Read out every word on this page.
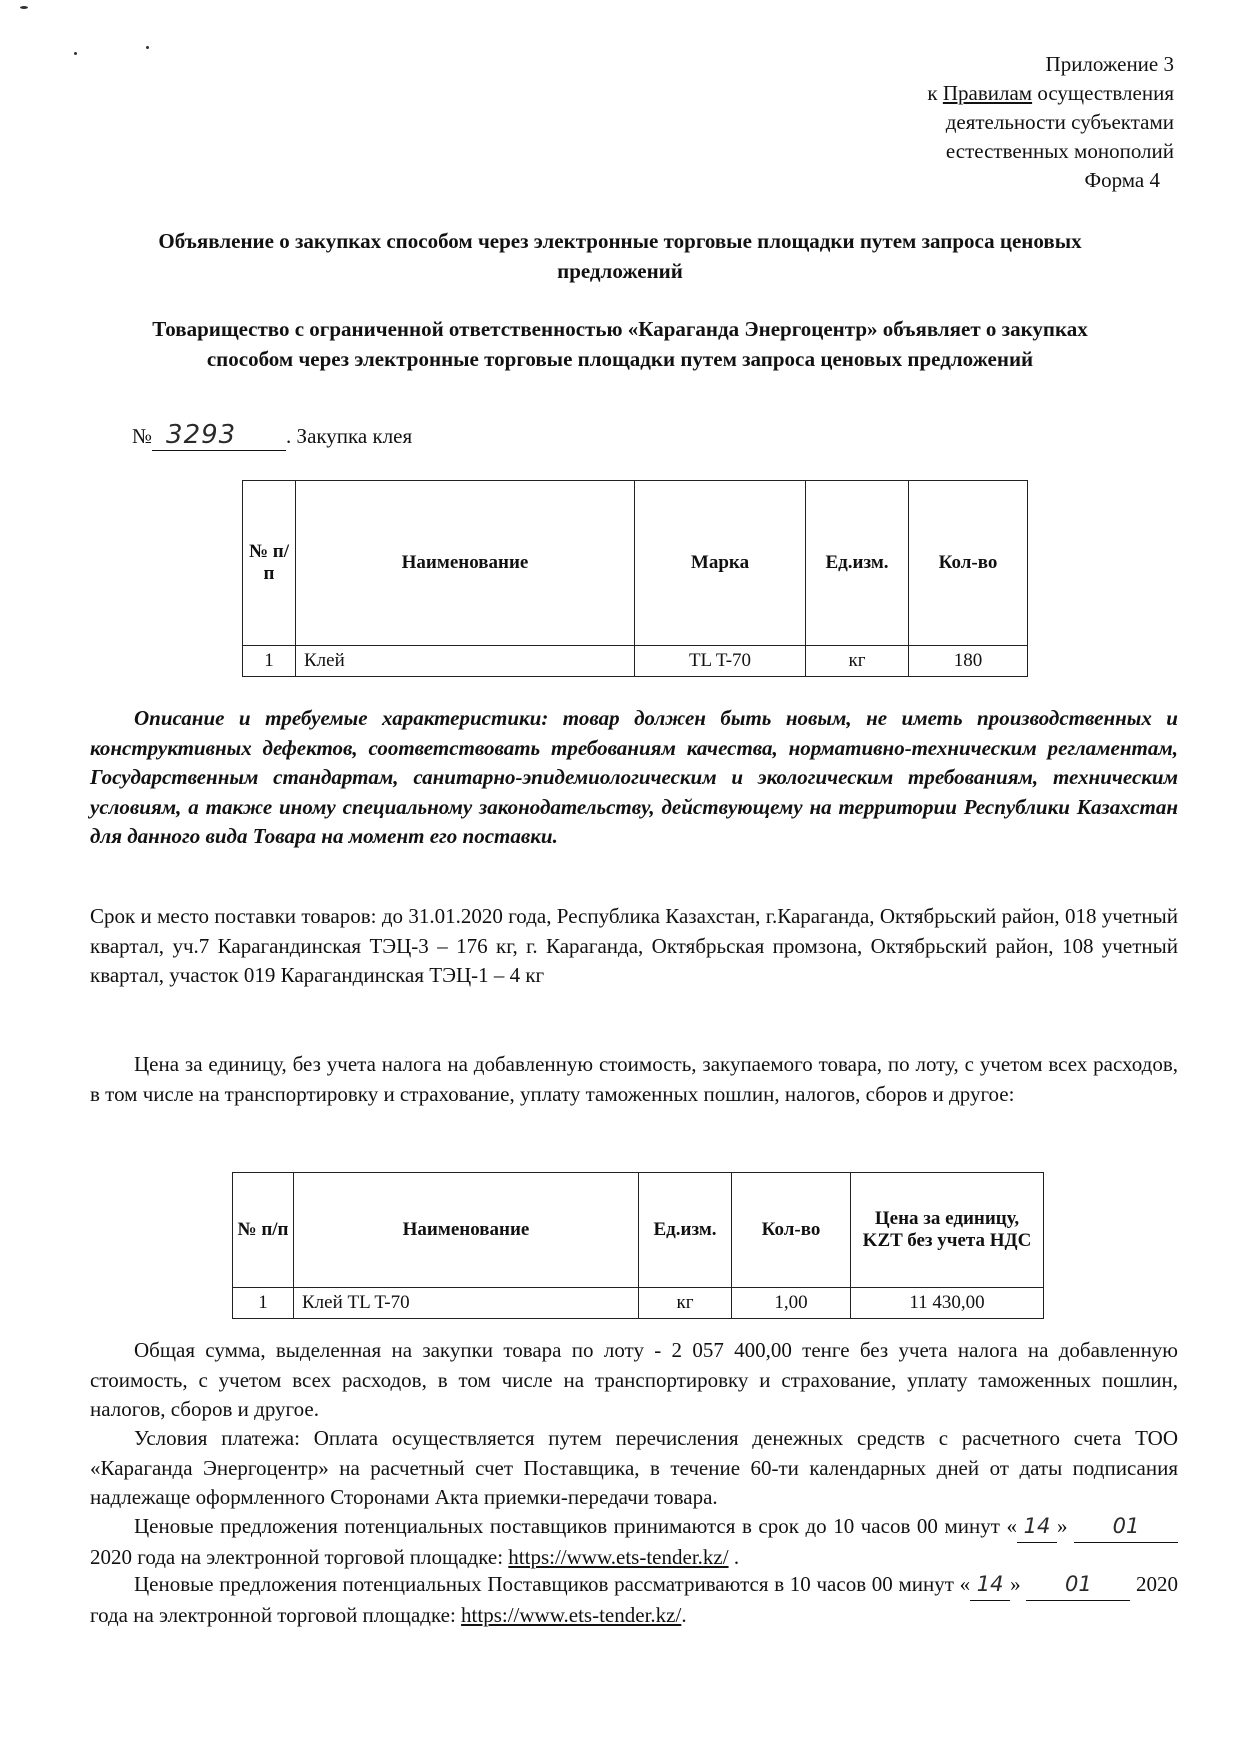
Приложение 3
к Правилам осуществления
деятельности субъектами
естественных монополий
Форма 4
Объявление о закупках способом через электронные торговые площадки путем запроса ценовых предложений
Товарищество с ограниченной ответственностью «Караганда Энергоцентр» объявляет о закупках способом через электронные торговые площадки путем запроса ценовых предложений
№ 3293 . Закупка клея
№ п/п	Наименование	Марка	Ед.изм.	Кол-во
1	Клей	TL T-70	кг	180
Описание и требуемые характеристики: товар должен быть новым, не иметь производственных и конструктивных дефектов, соответствовать требованиям качества, нормативно-техническим регламентам, Государственным стандартам, санитарно-эпидемиологическим и экологическим требованиям, техническим условиям, а также иному специальному законодательству, действующему на территории Республики Казахстан для данного вида Товара на момент его поставки.
Срок и место поставки товаров: до 31.01.2020 года, Республика Казахстан, г.Караганда, Октябрьский район, 018 учетный квартал, уч.7 Карагандинская ТЭЦ-3 – 176 кг, г. Караганда, Октябрьская промзона, Октябрьский район, 108 учетный квартал, участок 019 Карагандинская ТЭЦ-1 – 4 кг
Цена за единицу, без учета налога на добавленную стоимость, закупаемого товара, по лоту, с учетом всех расходов, в том числе на транспортировку и страхование, уплату таможенных пошлин, налогов, сборов и другое:
№ п/п	Наименование	Ед.изм.	Кол-во	Цена за единицу, KZT без учета НДС
1	Клей TL T-70	кг	1,00	11 430,00
Общая сумма, выделенная на закупки товара по лоту - 2 057 400,00 тенге без учета налога на добавленную стоимость, с учетом всех расходов, в том числе на транспортировку и страхование, уплату таможенных пошлин, налогов, сборов и другое.
Условия платежа: Оплата осуществляется путем перечисления денежных средств с расчетного счета ТОО «Караганда Энергоцентр» на расчетный счет Поставщика, в течение 60-ти календарных дней от даты подписания надлежаще оформленного Сторонами Акта приемки-передачи товара.
Ценовые предложения потенциальных поставщиков принимаются в срок до 10 часов 00 минут « 14 » 01 2020 года на электронной торговой площадке: https://www.ets-tender.kz/ .
Ценовые предложения потенциальных Поставщиков рассматриваются в 10 часов 00 минут « 14 » 01 2020 года на электронной торговой площадке: https://www.ets-tender.kz/.
